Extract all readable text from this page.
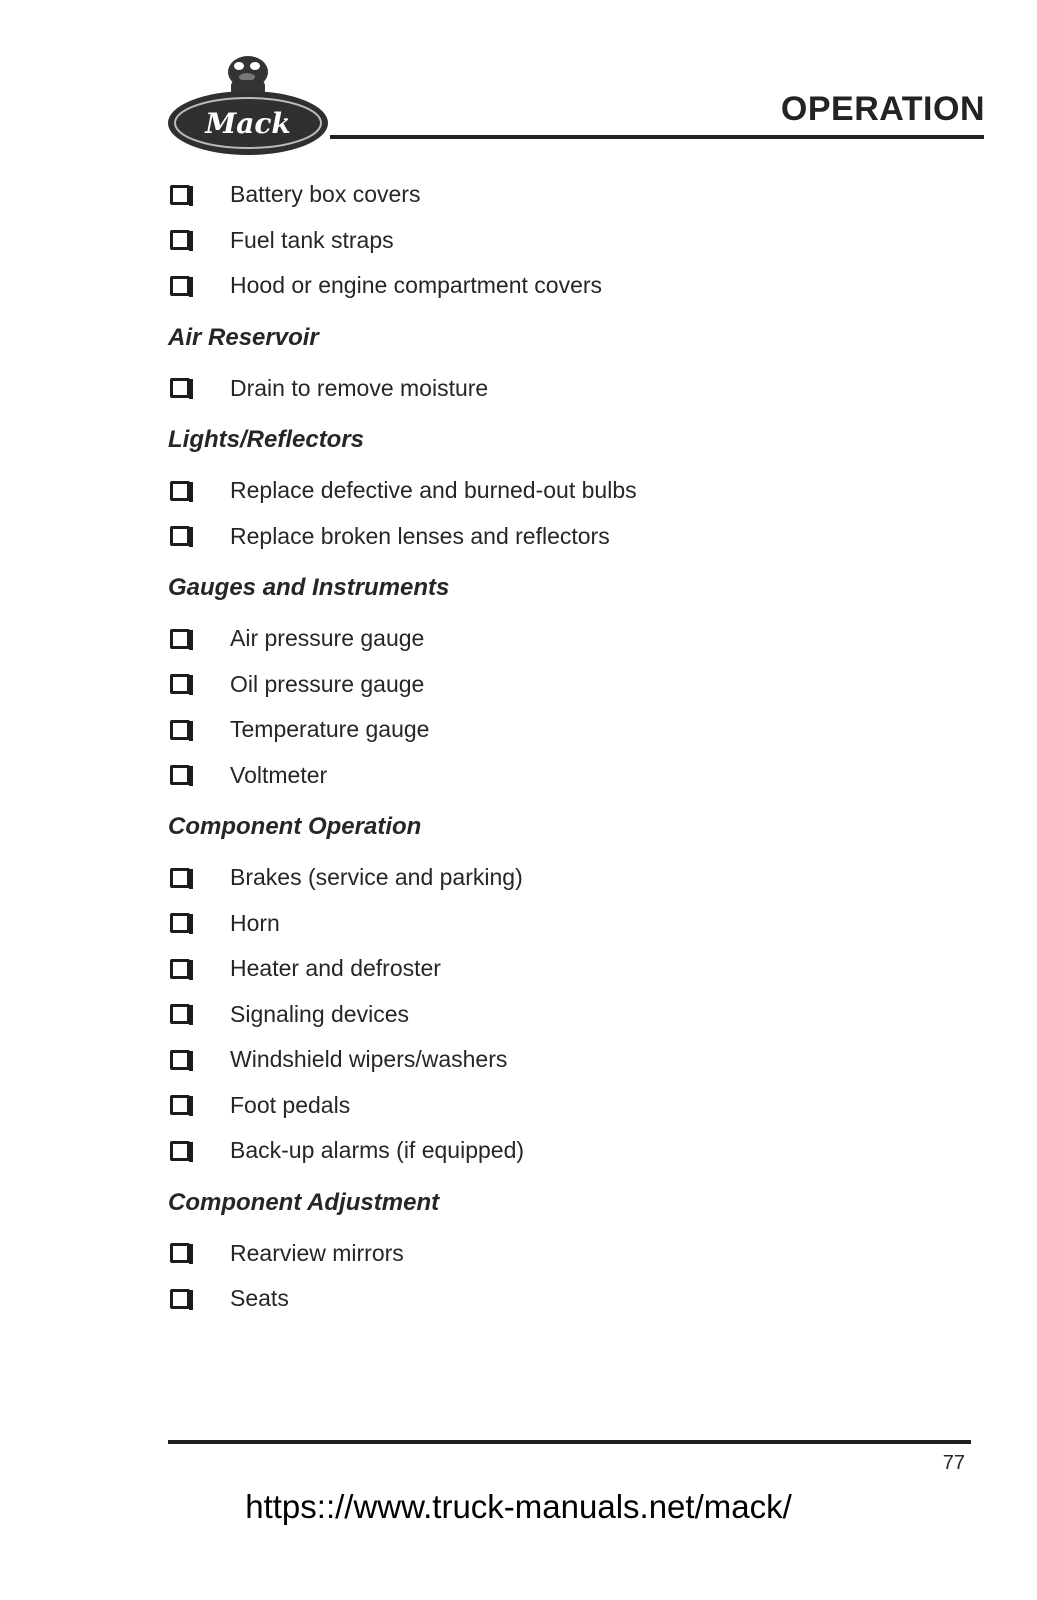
Mack	OPERATION
Battery box covers
Fuel tank straps
Hood or engine compartment covers
Air Reservoir
Drain to remove moisture
Lights/Reflectors
Replace defective and burned-out bulbs
Replace broken lenses and reflectors
Gauges and Instruments
Air pressure gauge
Oil pressure gauge
Temperature gauge
Voltmeter
Component Operation
Brakes (service and parking)
Horn
Heater and defroster
Signaling devices
Windshield wipers/washers
Foot pedals
Back-up alarms (if equipped)
Component Adjustment
Rearview mirrors
Seats
77
https:://www.truck-manuals.net/mack/
